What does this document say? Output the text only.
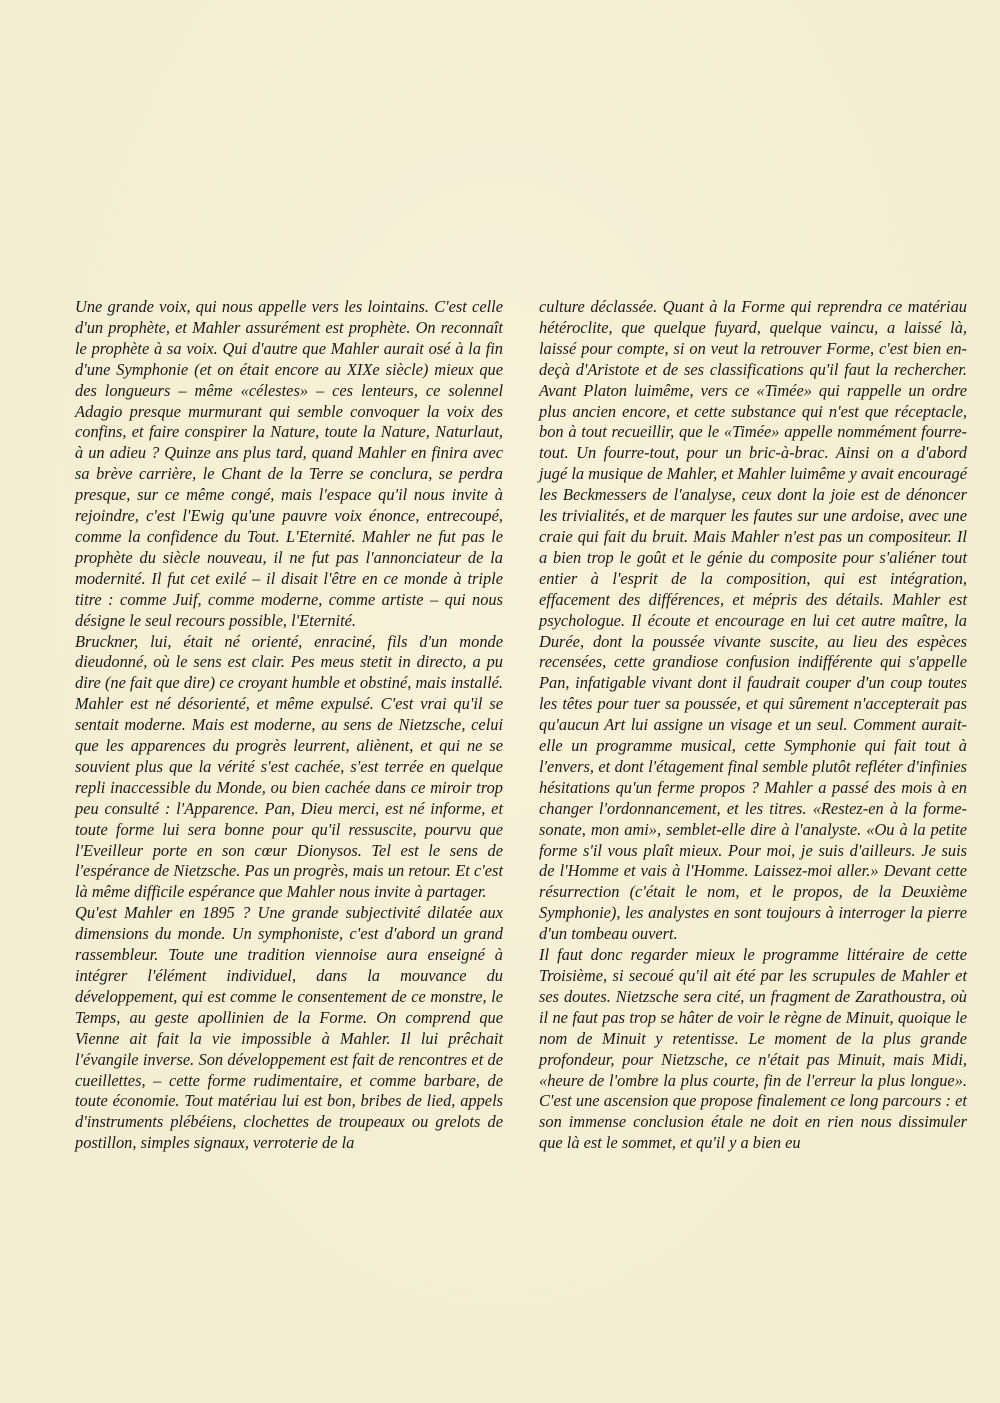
Une grande voix, qui nous appelle vers les lointains. C'est celle d'un prophète, et Mahler assurément est prophète. On reconnaît le prophète à sa voix. Qui d'autre que Mahler aurait osé à la fin d'une Symphonie (et on était encore au XIXe siècle) mieux que des longueurs – même «célestes» – ces lenteurs, ce solennel Adagio presque murmurant qui semble convoquer la voix des confins, et faire conspirer la Nature, toute la Nature, Naturlaut, à un adieu ? Quinze ans plus tard, quand Mahler en finira avec sa brève carrière, le Chant de la Terre se conclura, se perdra presque, sur ce même congé, mais l'espace qu'il nous invite à rejoindre, c'est l'Ewig qu'une pauvre voix énonce, entrecoupé, comme la confidence du Tout. L'Eternité. Mahler ne fut pas le prophète du siècle nouveau, il ne fut pas l'annonciateur de la modernité. Il fut cet exilé – il disait l'être en ce monde à triple titre : comme Juif, comme moderne, comme artiste – qui nous désigne le seul recours possible, l'Eternité.

Bruckner, lui, était né orienté, enraciné, fils d'un monde dieudonné, où le sens est clair. Pes meus stetit in directo, a pu dire (ne fait que dire) ce croyant humble et obstiné, mais installé. Mahler est né désorienté, et même expulsé. C'est vrai qu'il se sentait moderne. Mais est moderne, au sens de Nietzsche, celui que les apparences du progrès leurrent, aliènent, et qui ne se souvient plus que la vérité s'est cachée, s'est terrée en quelque repli inaccessible du Monde, ou bien cachée dans ce miroir trop peu consulté : l'Apparence. Pan, Dieu merci, est né informe, et toute forme lui sera bonne pour qu'il ressuscite, pourvu que l'Eveilleur porte en son cœur Dionysos. Tel est le sens de l'espérance de Nietzsche. Pas un progrès, mais un retour. Et c'est là même difficile espérance que Mahler nous invite à partager.

Qu'est Mahler en 1895 ? Une grande subjectivité dilatée aux dimensions du monde. Un symphoniste, c'est d'abord un grand rassembleur. Toute une tradition viennoise aura enseigné à intégrer l'élément individuel, dans la mouvance du développement, qui est comme le consentement de ce monstre, le Temps, au geste apollinien de la Forme. On comprend que Vienne ait fait la vie impossible à Mahler. Il lui prêchait l'évangile inverse. Son développement est fait de rencontres et de cueillettes, – cette forme rudimentaire, et comme barbare, de toute économie. Tout matériau lui est bon, bribes de lied, appels d'instruments plébéiens, clochettes de troupeaux ou grelots de postillon, simples signaux, verroterie de la

culture déclassée. Quant à la Forme qui reprendra ce matériau hétéroclite, que quelque fuyard, quelque vaincu, a laissé là, laissé pour compte, si on veut la retrouver Forme, c'est bien en-deçà d'Aristote et de ses classifications qu'il faut la rechercher. Avant Platon luimême, vers ce «Timée» qui rappelle un ordre plus ancien encore, et cette substance qui n'est que réceptacle, bon à tout recueillir, que le «Timée» appelle nommément fourre-tout. Un fourre-tout, pour un bric-à-brac. Ainsi on a d'abord jugé la musique de Mahler, et Mahler luimême y avait encouragé les Beckmessers de l'analyse, ceux dont la joie est de dénoncer les trivialités, et de marquer les fautes sur une ardoise, avec une craie qui fait du bruit. Mais Mahler n'est pas un compositeur. Il a bien trop le goût et le génie du composite pour s'aliéner tout entier à l'esprit de la composition, qui est intégration, effacement des différences, et mépris des détails. Mahler est psychologue. Il écoute et encourage en lui cet autre maître, la Durée, dont la poussée vivante suscite, au lieu des espèces recensées, cette grandiose confusion indifférente qui s'appelle Pan, infatigable vivant dont il faudrait couper d'un coup toutes les têtes pour tuer sa poussée, et qui sûrement n'accepterait pas qu'aucun Art lui assigne un visage et un seul. Comment aurait-elle un programme musical, cette Symphonie qui fait tout à l'envers, et dont l'étagement final semble plutôt refléter d'infinies hésitations qu'un ferme propos ? Mahler a passé des mois à en changer l'ordonnancement, et les titres. «Restez-en à la forme-sonate, mon ami», semblet-elle dire à l'analyste. «Ou à la petite forme s'il vous plaît mieux. Pour moi, je suis d'ailleurs. Je suis de l'Homme et vais à l'Homme. Laissez-moi aller.» Devant cette résurrection (c'était le nom, et le propos, de la Deuxième Symphonie), les analystes en sont toujours à interroger la pierre d'un tombeau ouvert.

Il faut donc regarder mieux le programme littéraire de cette Troisième, si secoué qu'il ait été par les scrupules de Mahler et ses doutes. Nietzsche sera cité, un fragment de Zarathoustra, où il ne faut pas trop se hâter de voir le règne de Minuit, quoique le nom de Minuit y retentisse. Le moment de la plus grande profondeur, pour Nietzsche, ce n'était pas Minuit, mais Midi, «heure de l'ombre la plus courte, fin de l'erreur la plus longue». C'est une ascension que propose finalement ce long parcours : et son immense conclusion étale ne doit en rien nous dissimuler que là est le sommet, et qu'il y a bien eu
